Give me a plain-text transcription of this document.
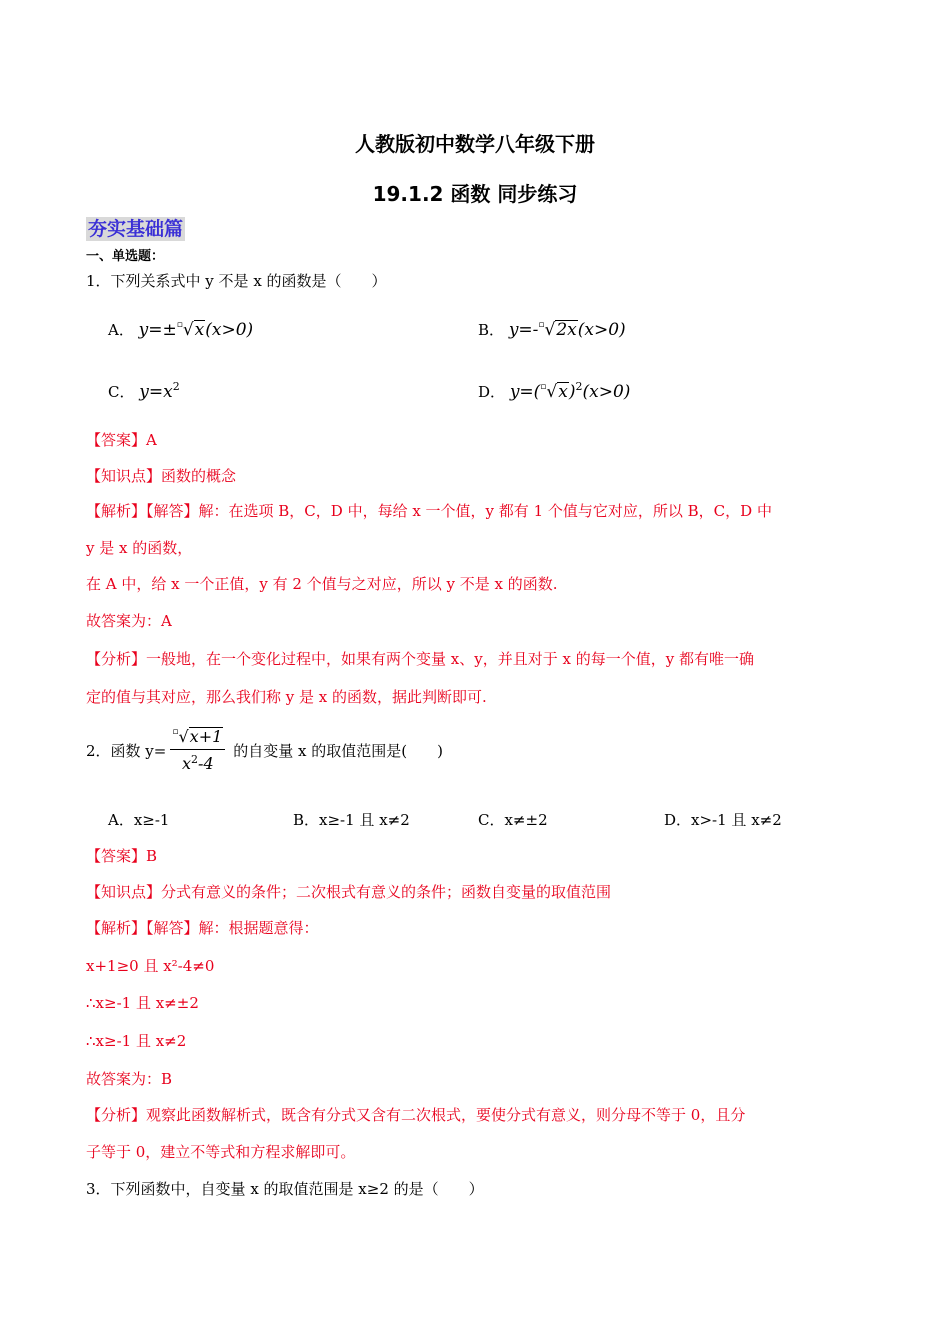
人教版初中数学八年级下册
19.1.2 函数 同步练习
夯实基础篇
一、单选题：
1．下列关系式中 y 不是 x 的函数是（　　）
A． y=±▫√x(x>0)	B． y=-▫√2x(x>0)
C． $y=x^2$	D． $y=(^▫√x)^2(x>0)$
【答案】A
【知识点】函数的概念
【解析】【解答】解：在选项 B，C，D 中，每给 x 一个值，y 都有 1 个值与它对应，所以 B，C，D 中
y 是 x 的函数，
在 A 中，给 x 一个正值，y 有 2 个值与之对应，所以 y 不是 x 的函数.
故答案为：A
【分析】一般地，在一个变化过程中，如果有两个变量 x、y，并且对于 x 的每一个值，y 都有唯一确
定的值与其对应，那么我们称 y 是 x 的函数，据此判断即可.
2．函数 $y= \frac{^▫√x+1}{x^2-4}$ 的自变量 x 的取值范围是(　　)
A．x≥-1	B．x≥-1 且 x≠2	C．x≠±2	D．x>-1 且 x≠2
【答案】B
【知识点】分式有意义的条件；二次根式有意义的条件；函数自变量的取值范围
【解析】【解答】解：根据题意得：
x+1≥0 且 x²-4≠0
∴x≥-1 且 x≠±2
∴x≥-1 且 x≠2
故答案为：B
【分析】观察此函数解析式，既含有分式又含有二次根式，要使分式有意义，则分母不等于 0，且分
子等于 0，建立不等式和方程求解即可。
3．下列函数中，自变量 x 的取值范围是 x≥2 的是（　　）
